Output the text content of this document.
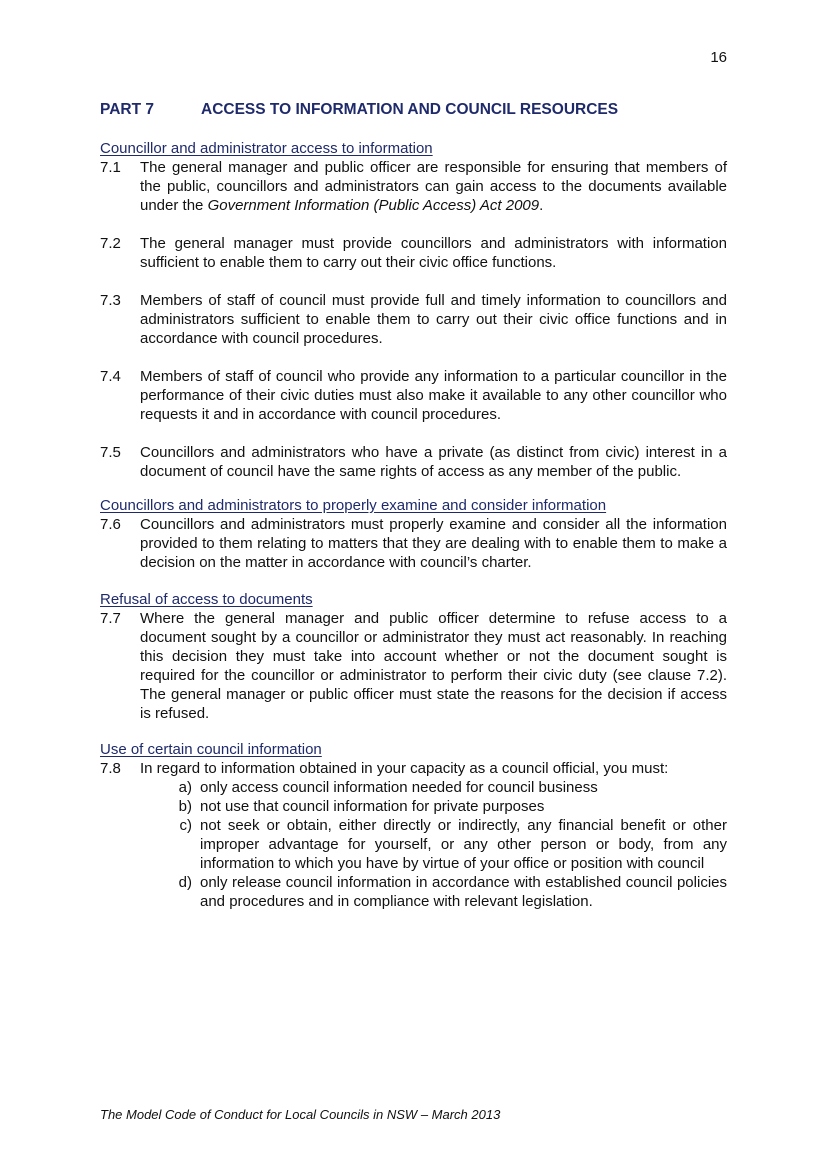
16
PART 7	ACCESS TO INFORMATION AND COUNCIL RESOURCES
Councillor and administrator access to information
7.1	The general manager and public officer are responsible for ensuring that members of the public, councillors and administrators can gain access to the documents available under the Government Information (Public Access) Act 2009.
7.2	The general manager must provide councillors and administrators with information sufficient to enable them to carry out their civic office functions.
7.3	Members of staff of council must provide full and timely information to councillors and administrators sufficient to enable them to carry out their civic office functions and in accordance with council procedures.
7.4	Members of staff of council who provide any information to a particular councillor in the performance of their civic duties must also make it available to any other councillor who requests it and in accordance with council procedures.
7.5	Councillors and administrators who have a private (as distinct from civic) interest in a document of council have the same rights of access as any member of the public.
Councillors and administrators to properly examine and consider information
7.6	Councillors and administrators must properly examine and consider all the information provided to them relating to matters that they are dealing with to enable them to make a decision on the matter in accordance with council’s charter.
Refusal of access to documents
7.7	Where the general manager and public officer determine to refuse access to a document sought by a councillor or administrator they must act reasonably. In reaching this decision they must take into account whether or not the document sought is required for the councillor or administrator to perform their civic duty (see clause 7.2). The general manager or public officer must state the reasons for the decision if access is refused.
Use of certain council information
7.8	In regard to information obtained in your capacity as a council official, you must:
a) only access council information needed for council business
b) not use that council information for private purposes
c) not seek or obtain, either directly or indirectly, any financial benefit or other improper advantage for yourself, or any other person or body, from any information to which you have by virtue of your office or position with council
d) only release council information in accordance with established council policies and procedures and in compliance with relevant legislation.
The Model Code of Conduct for Local Councils in NSW – March 2013
